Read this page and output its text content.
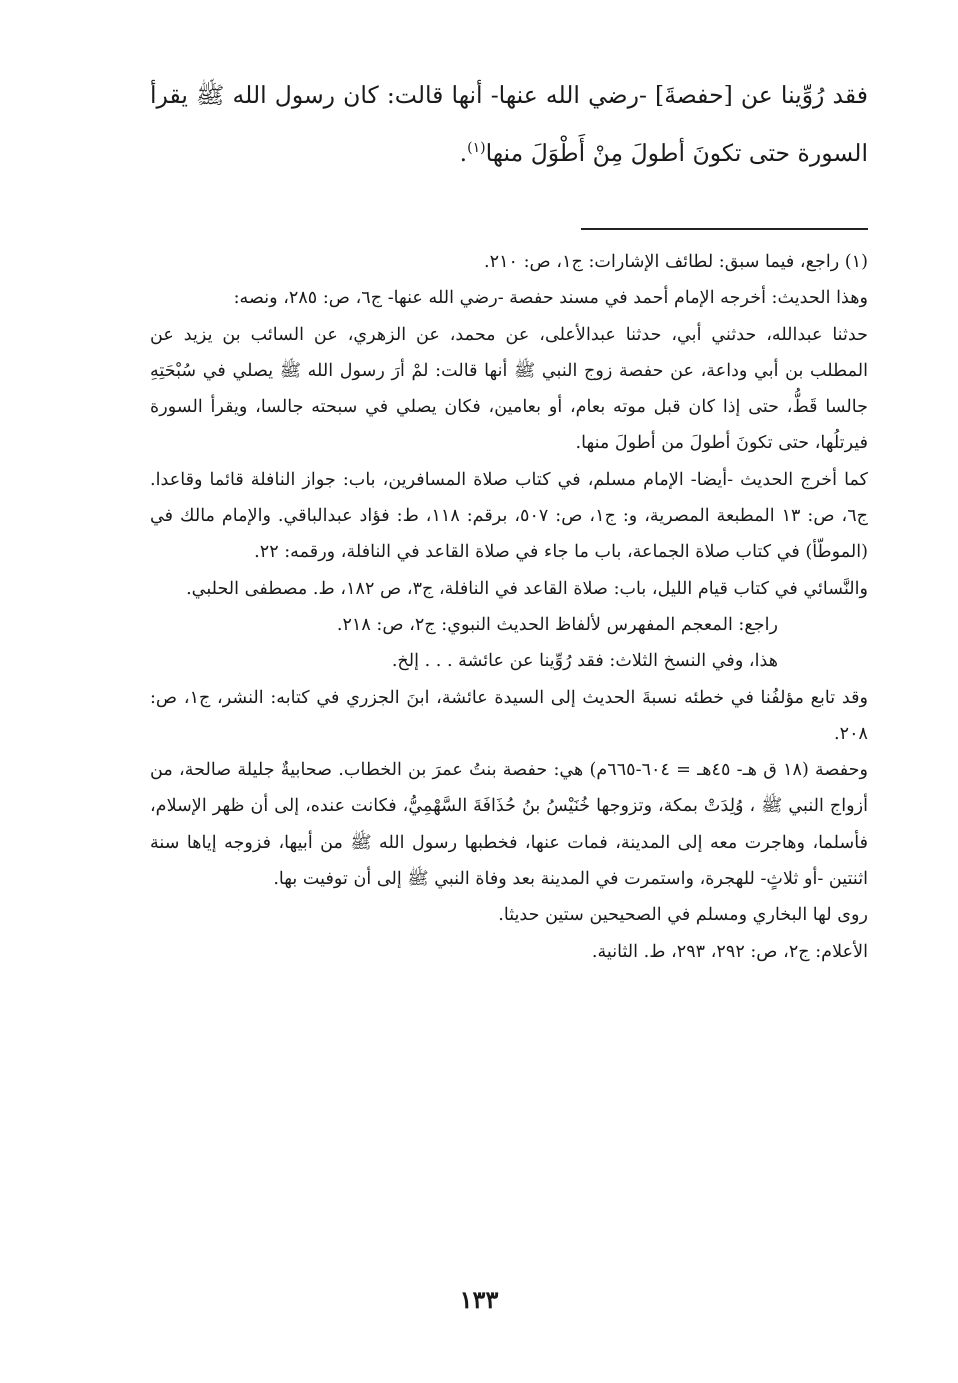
فقد رُوِّينا عن [حفصةَ] -رضي الله عنها- أنها قالت: كان رسول الله ﷺ يقرأ السورة حتى تكونَ أطولَ مِنْ أَطْوَلَ منها$^{(١)}$.

(١) راجع، فيما سبق: لطائف الإشارات: ج١، ص: ٢١٠.

وهذا الحديث: أخرجه الإمام أحمد في مسند حفصة -رضي الله عنها- ج٦، ص: ٢٨٥، ونصه:

حدثنا عبدالله، حدثني أبي، حدثنا عبدالأعلى، عن محمد، عن الزهري، عن السائب بن يزيد عن المطلب بن أبي وداعة، عن حفصة زوج النبي ﷺ أنها قالت: لمْ أرَ رسول الله ﷺ يصلي في سُبْحَتِهِ جالسا قَطُّ، حتى إذا كان قبل موته بعام، أو بعامين، فكان يصلي في سبحته جالسا، ويقرأ السورة فيرتلُها، حتى تكونَ أطولَ من أطولَ منها.

كما أخرج الحديث -أيضا- الإمام مسلم، في كتاب صلاة المسافرين، باب: جواز النافلة قائما وقاعدا. ج٦، ص: ١٣ المطبعة المصرية، و: ج١، ص: ٥٠٧، برقم: ١١٨، ط: فؤاد عبدالباقي. والإمام مالك في (الموطّأ) في كتاب صلاة الجماعة، باب ما جاء في صلاة القاعد في النافلة، ورقمه: ٢٢.

والنَّسائي في كتاب قيام الليل، باب: صلاة القاعد في النافلة، ج٣، ص ١٨٢، ط. مصطفى الحلبي.

راجع: المعجم المفهرس لألفاظ الحديث النبوي: ج٢، ص: ٢١٨.

هذا، وفي النسخ الثلاث: فقد رُوِّينا عن عائشة . . . إلخ.

وقد تابع مؤلفُنا في خطئه نسبةَ الحديث إلى السيدة عائشة، ابنَ الجزري في كتابه: النشر، ج١، ص: ٢٠٨.

وحفصة (١٨ ق هـ- ٤٥هـ = ٦٠٤-٦٦٥م) هي: حفصة بنتُ عمرَ بن الخطاب. صحابيةٌ جليلة صالحة، من أزواج النبي ﷺ ، وُلِدَتْ بمكة، وتزوجها خُنَيْسُ بنُ حُذَافَةَ السَّهْمِيُّ، فكانت عنده، إلى أن ظهر الإسلام، فأسلما، وهاجرت معه إلى المدينة، فمات عنها، فخطبها رسول الله ﷺ من أبيها، فزوجه إياها سنة اثنتين -أو ثلاثٍ- للهجرة، واستمرت في المدينة بعد وفاة النبي ﷺ إلى أن توفيت بها.

روى لها البخاري ومسلم في الصحيحين ستين حديثا.

الأعلام: ج٢، ص: ٢٩٢، ٢٩٣، ط. الثانية.

١٣٣
